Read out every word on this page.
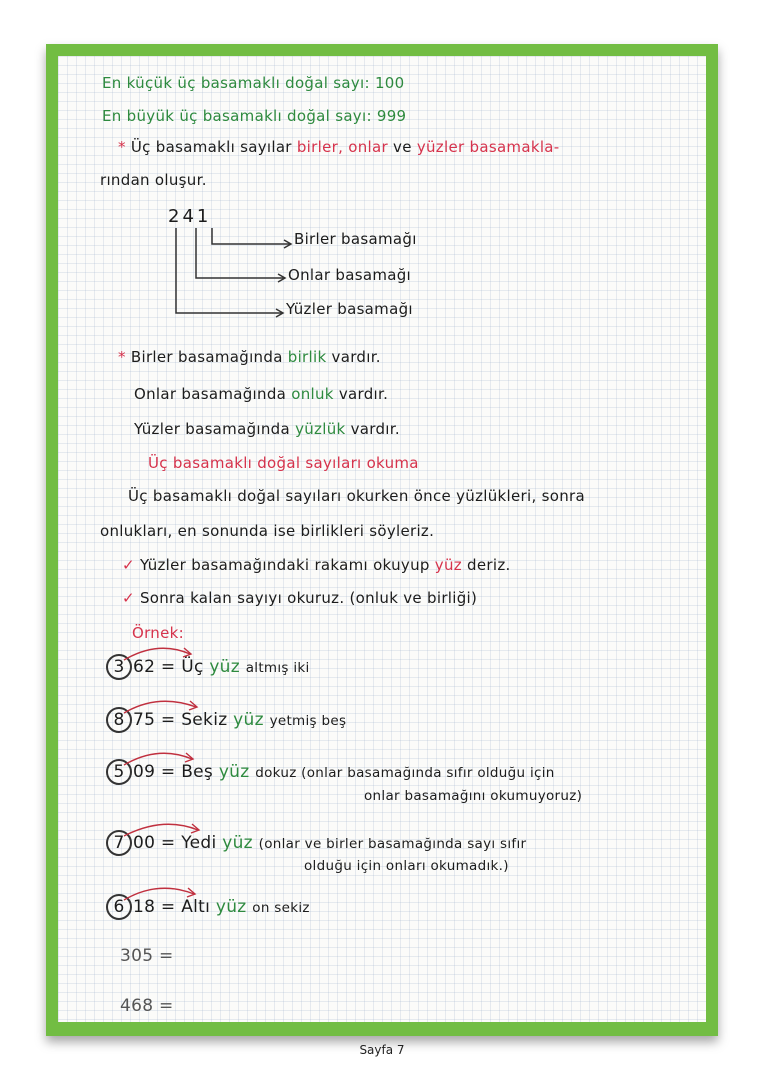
En küçük üç basamaklı doğal sayı: 100
En büyük üç basamaklı doğal sayı: 999
* Üç basamaklı sayılar birler, onlar ve yüzler basamakla-
rından oluşur.
241
Birler basamağı
Onlar basamağı
Yüzler basamağı
* Birler basamağında birlik vardır.
Onlar basamağında onluk vardır.
Yüzler basamağında yüzlük vardır.
Üç basamaklı doğal sayıları okuma
Üç basamaklı doğal sayıları okurken önce yüzlükleri, sonra
onlukları, en sonunda ise birlikleri söyleriz.
✓ Yüzler basamağındaki rakamı okuyup yüz deriz.
✓ Sonra kalan sayıyı okuruz. (onluk ve birliği)
Örnek:
3 62 = Üç yüz altmış iki
8 75 = Sekiz yüz yetmiş beş
5 09 = Beş yüz dokuz (onlar basamağında sıfır olduğu için
onlar basamağını okumuyoruz)
7 00 = Yedi yüz (onlar ve birler basamağında sayı sıfır
olduğu için onları okumadık.)
6 18 = Altı yüz on sekiz
305 =
468 =
Sayfa 7
